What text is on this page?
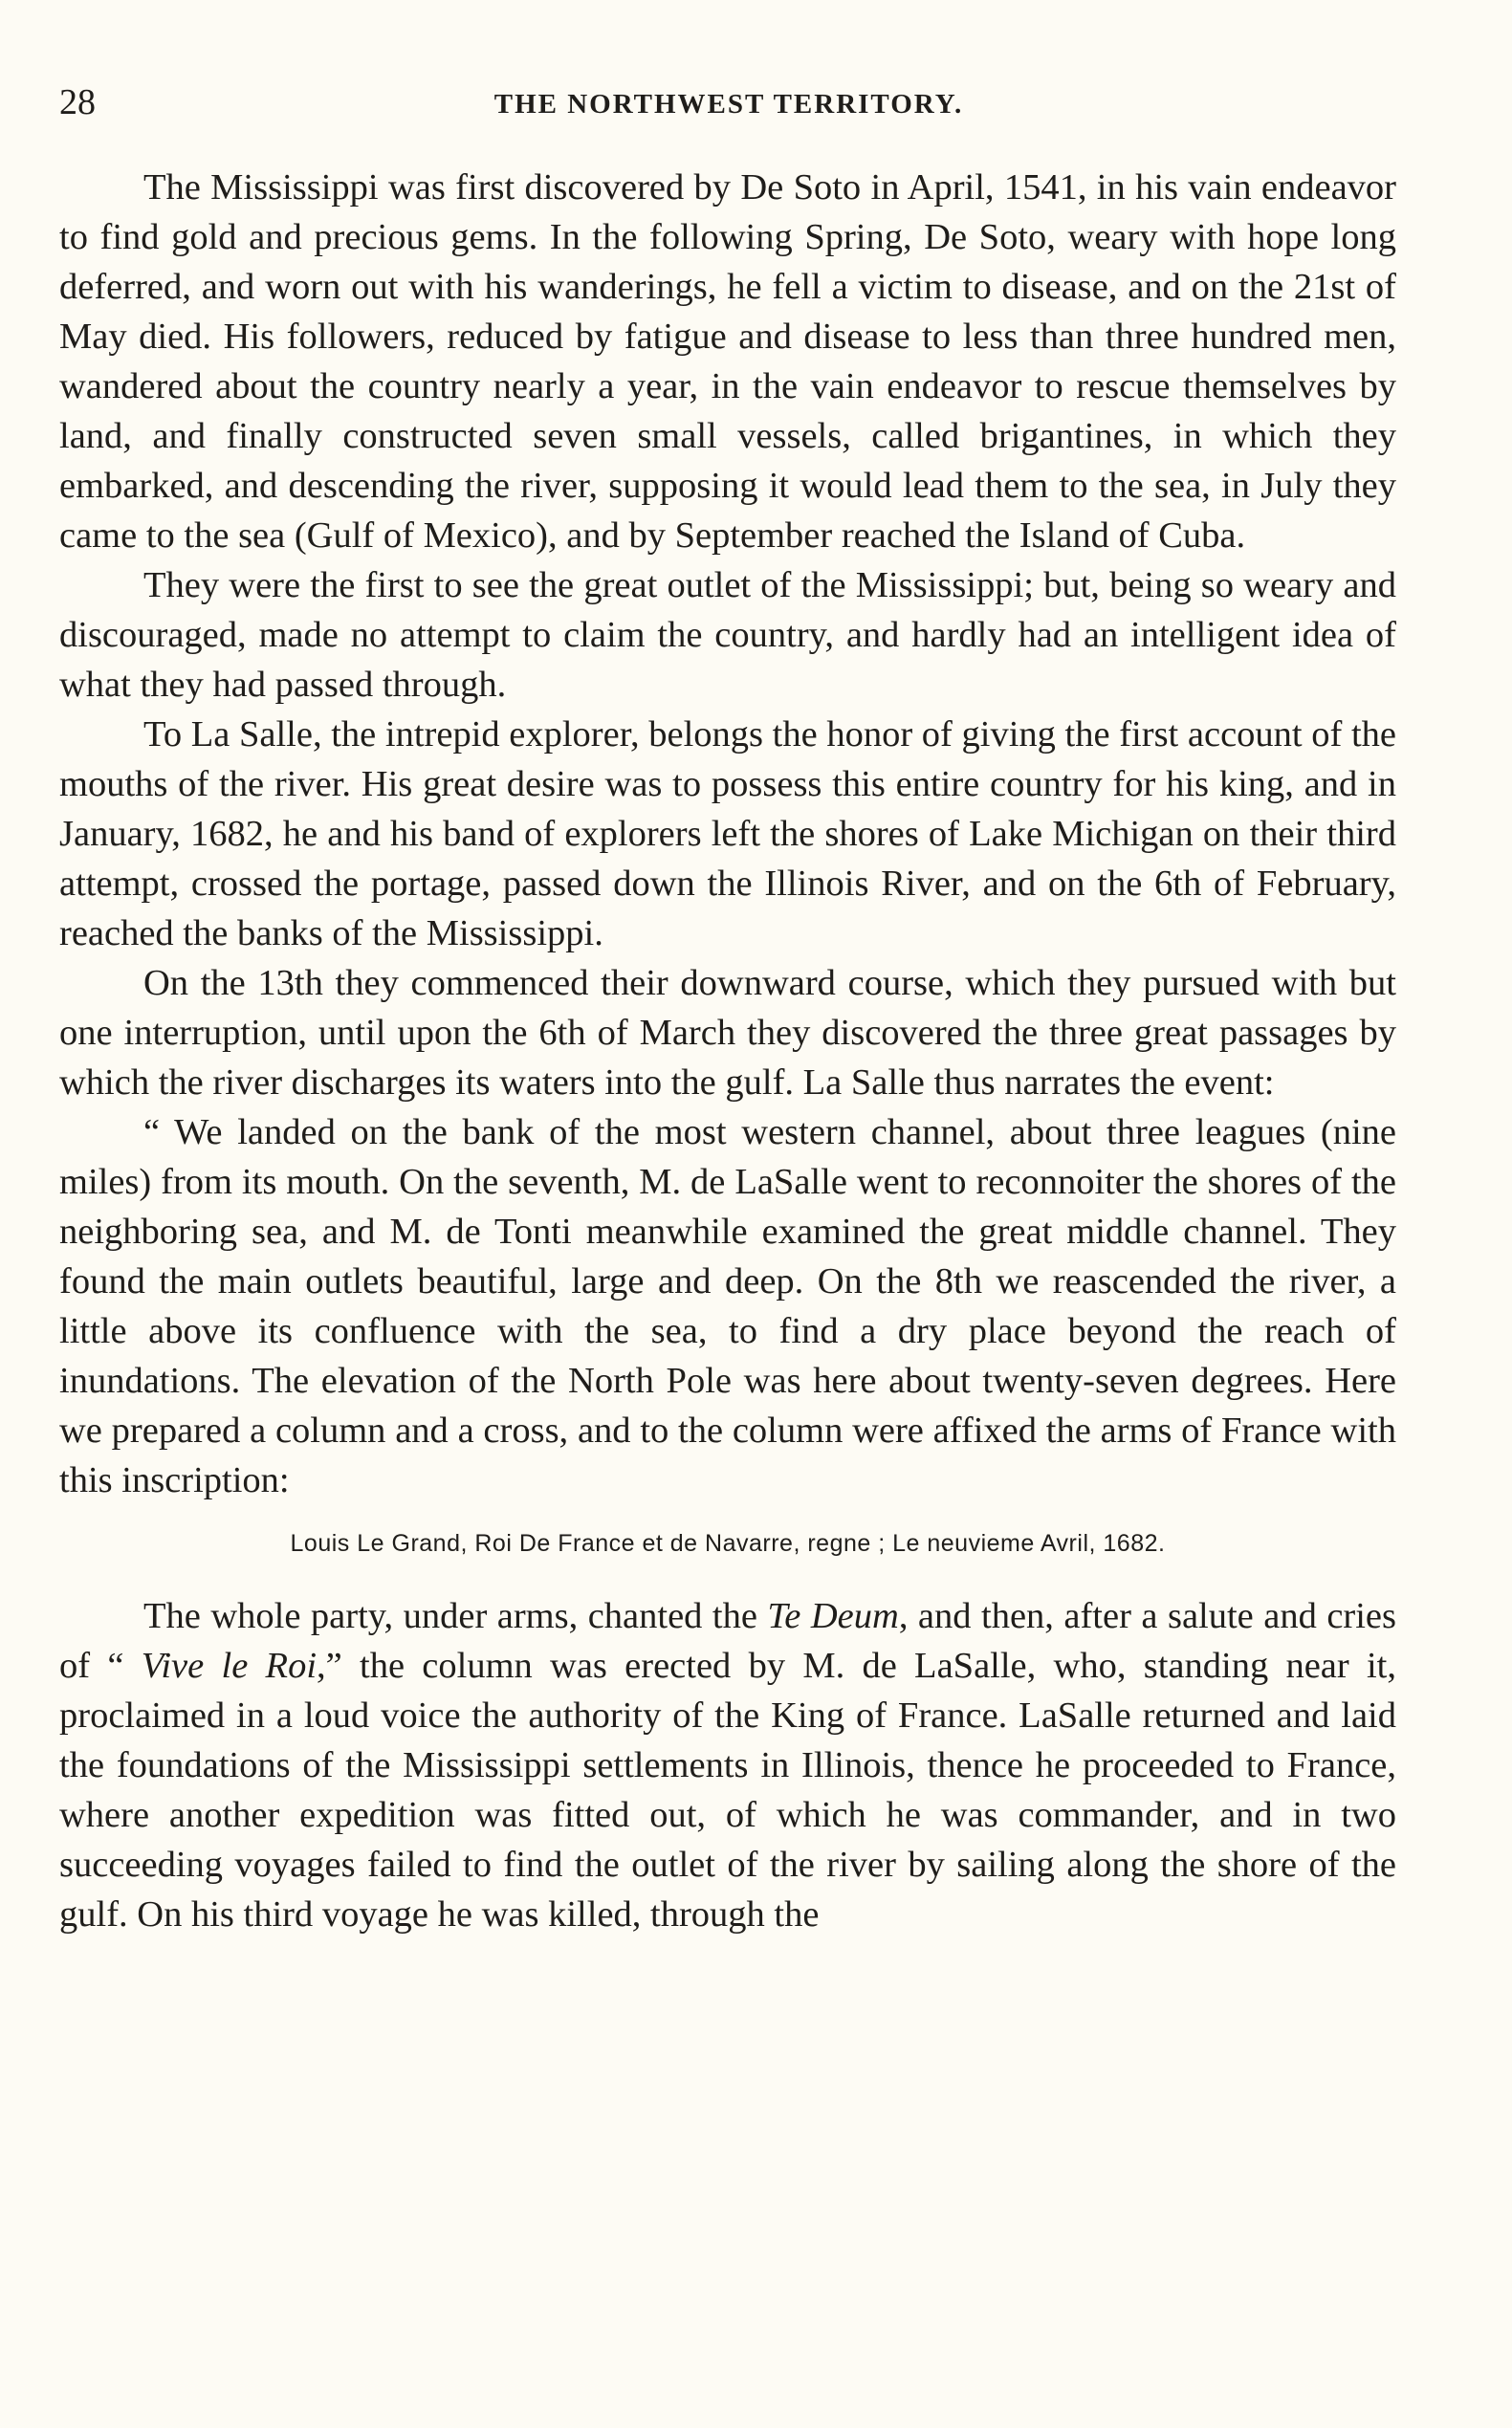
28	THE NORTHWEST TERRITORY.

The Mississippi was first discovered by De Soto in April, 1541, in his vain endeavor to find gold and precious gems. In the following Spring, De Soto, weary with hope long deferred, and worn out with his wanderings, he fell a victim to disease, and on the 21st of May died. His followers, reduced by fatigue and disease to less than three hundred men, wandered about the country nearly a year, in the vain endeavor to rescue themselves by land, and finally constructed seven small vessels, called brigantines, in which they embarked, and descending the river, supposing it would lead them to the sea, in July they came to the sea (Gulf of Mexico), and by September reached the Island of Cuba.

They were the first to see the great outlet of the Mississippi; but, being so weary and discouraged, made no attempt to claim the country, and hardly had an intelligent idea of what they had passed through.

To La Salle, the intrepid explorer, belongs the honor of giving the first account of the mouths of the river. His great desire was to possess this entire country for his king, and in January, 1682, he and his band of explorers left the shores of Lake Michigan on their third attempt, crossed the portage, passed down the Illinois River, and on the 6th of February, reached the banks of the Mississippi.

On the 13th they commenced their downward course, which they pursued with but one interruption, until upon the 6th of March they discovered the three great passages by which the river discharges its waters into the gulf. La Salle thus narrates the event:

“ We landed on the bank of the most western channel, about three leagues (nine miles) from its mouth. On the seventh, M. de LaSalle went to reconnoiter the shores of the neighboring sea, and M. de Tonti meanwhile examined the great middle channel. They found the main outlets beautiful, large and deep. On the 8th we reascended the river, a little above its confluence with the sea, to find a dry place beyond the reach of inundations. The elevation of the North Pole was here about twenty-seven degrees. Here we prepared a column and a cross, and to the column were affixed the arms of France with this inscription:

Louis Le Grand, Roi De France et de Navarre, regne ; Le neuvieme Avril, 1682.

The whole party, under arms, chanted the Te Deum, and then, after a salute and cries of “ Vive le Roi,” the column was erected by M. de LaSalle, who, standing near it, proclaimed in a loud voice the authority of the King of France. LaSalle returned and laid the foundations of the Mississippi settlements in Illinois, thence he proceeded to France, where another expedition was fitted out, of which he was commander, and in two succeeding voyages failed to find the outlet of the river by sailing along the shore of the gulf. On his third voyage he was killed, through the
